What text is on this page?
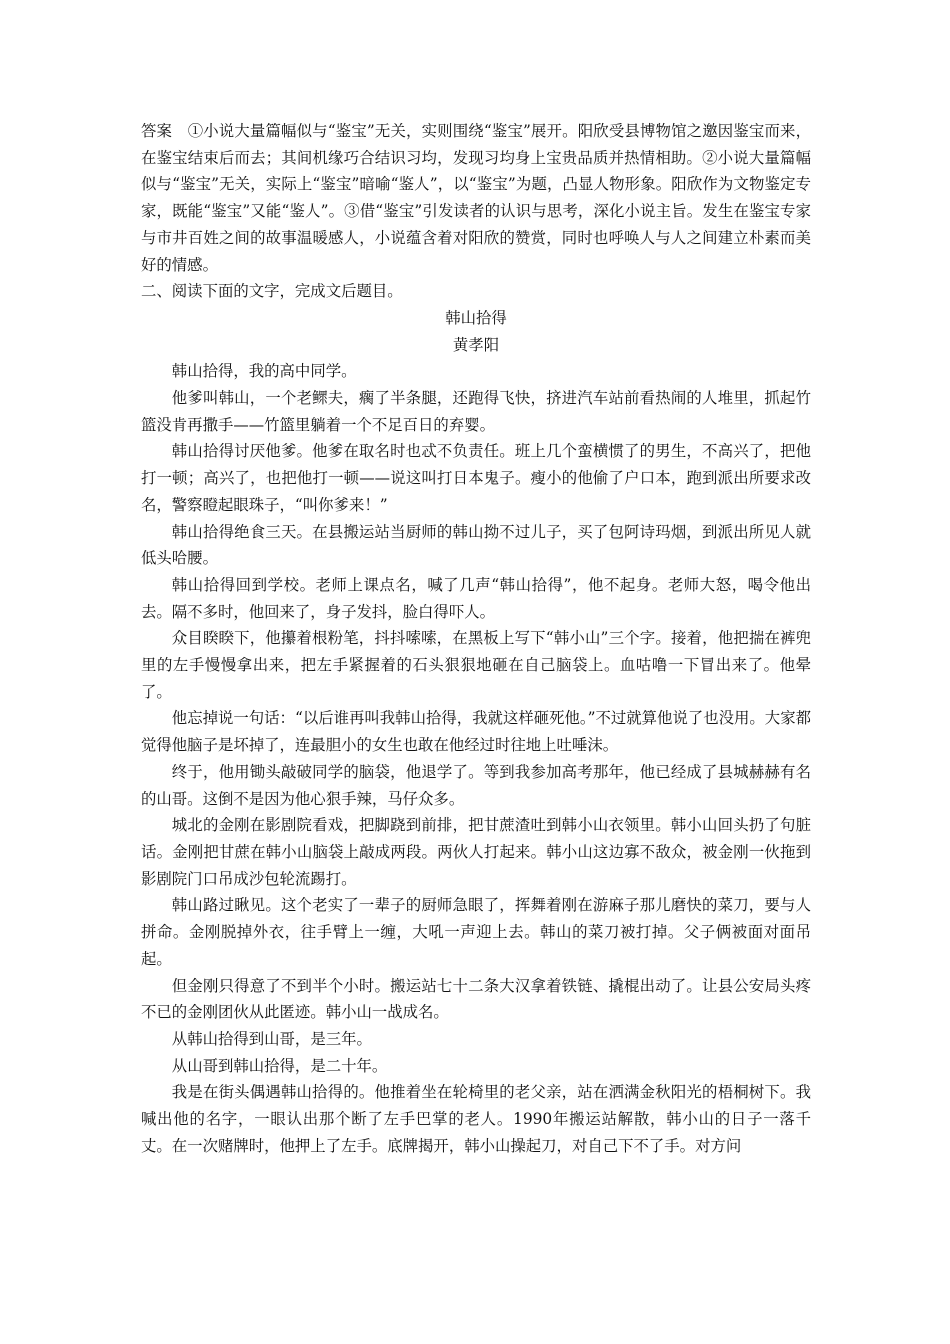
答案　 ①小说大量篇幅似与“鉴宝”无关，实则围绕“鉴宝”展开。阳欣受县博物馆之邀因鉴宝而来，在鉴宝结束后而去；其间机缘巧合结识习均，发现习均身上宝贵品质并热情相助。②小说大量篇幅似与“鉴宝”无关，实际上“鉴宝”暗喻“鉴人”，以“鉴宝”为题，凸显人物形象。阳欣作为文物鉴定专家，既能“鉴宝”又能“鉴人”。③借“鉴宝”引发读者的认识与思考，深化小说主旨。发生在鉴宝专家与市井百姓之间的故事温暖感人，小说蕴含着对阳欣的赞赏，同时也呼唤人与人之间建立朴素而美好的情感。

二、阅读下面的文字，完成文后题目。

韩山拾得

黄孝阳

韩山拾得，我的高中同学。

他爹叫韩山，一个老鳏夫，瘸了半条腿，还跑得飞快，挤进汽车站前看热闹的人堆里，抓起竹篮没肯再撒手——竹篮里躺着一个不足百日的弃婴。

韩山拾得讨厌他爹。他爹在取名时也忒不负责任。班上几个蛮横惯了的男生，不高兴了，把他打一顿；高兴了，也把他打一顿——说这叫打日本鬼子。瘦小的他偷了户口本，跑到派出所要求改名，警察瞪起眼珠子，“叫你爹来！”

韩山拾得绝食三天。在县搬运站当厨师的韩山拗不过儿子，买了包阿诗玛烟，到派出所见人就低头哈腰。

韩山拾得回到学校。老师上课点名，喊了几声“韩山拾得”，他不起身。老师大怒，喝令他出去。隔不多时，他回来了，身子发抖，脸白得吓人。

众目睽睽下，他攥着根粉笔，抖抖嗦嗦，在黑板上写下“韩小山”三个字。接着，他把揣在裤兜里的左手慢慢拿出来，把左手紧握着的石头狠狠地砸在自己脑袋上。血咕噜一下冒出来了。他晕了。

他忘掉说一句话：“以后谁再叫我韩山拾得，我就这样砸死他。”不过就算他说了也没用。大家都觉得他脑子是坏掉了，连最胆小的女生也敢在他经过时往地上吐唾沫。

终于，他用锄头敲破同学的脑袋，他退学了。等到我参加高考那年，他已经成了县城赫赫有名的山哥。这倒不是因为他心狠手辣，马仔众多。

城北的金刚在影剧院看戏，把脚跷到前排，把甘蔗渣吐到韩小山衣领里。韩小山回头扔了句脏话。金刚把甘蔗在韩小山脑袋上敲成两段。两伙人打起来。韩小山这边寡不敌众，被金刚一伙拖到影剧院门口吊成沙包轮流踢打。

韩山路过瞅见。这个老实了一辈子的厨师急眼了，挥舞着刚在游麻子那儿磨快的菜刀，要与人拼命。金刚脱掉外衣，往手臂上一缠，大吼一声迎上去。韩山的菜刀被打掉。父子俩被面对面吊起。

但金刚只得意了不到半个小时。搬运站七十二条大汉拿着铁链、撬棍出动了。让县公安局头疼不已的金刚团伙从此匿迹。韩小山一战成名。

从韩山拾得到山哥，是三年。

从山哥到韩山拾得，是二十年。

我是在街头偶遇韩山拾得的。他推着坐在轮椅里的老父亲，站在洒满金秋阳光的梧桐树下。我喊出他的名字，一眼认出那个断了左手巴掌的老人。1990年搬运站解散，韩小山的日子一落千丈。在一次赌牌时，他押上了左手。底牌揭开，韩小山操起刀，对自己下不了手。对方问
